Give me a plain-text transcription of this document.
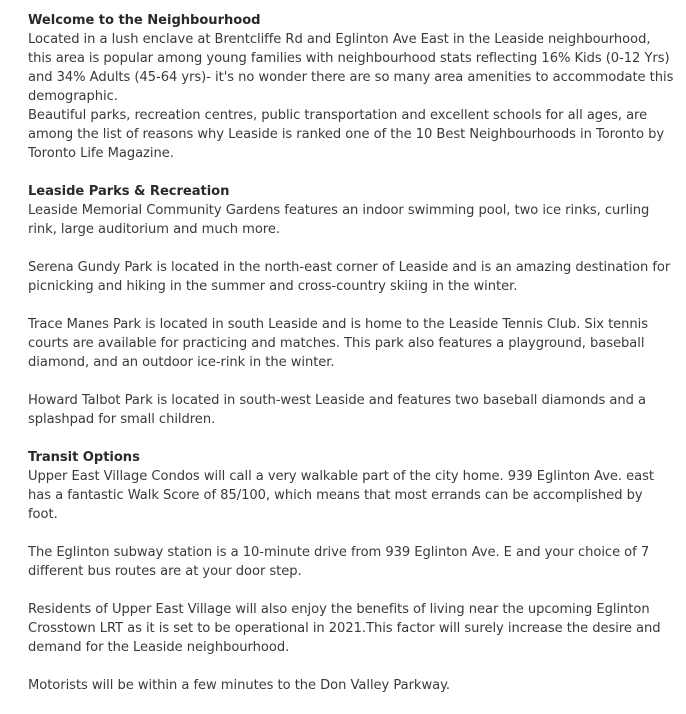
Welcome to the Neighbourhood
Located in a lush enclave at Brentcliffe Rd and Eglinton Ave East in the Leaside neighbourhood, this area is popular among young families with neighbourhood stats reflecting 16% Kids (0-12 Yrs) and 34% Adults (45-64 yrs)- it's no wonder there are so many area amenities to accommodate this demographic.
Beautiful parks, recreation centres, public transportation and excellent schools for all ages, are among the list of reasons why Leaside is ranked one of the 10 Best Neighbourhoods in Toronto by Toronto Life Magazine.

Leaside Parks & Recreation
Leaside Memorial Community Gardens features an indoor swimming pool, two ice rinks, curling rink, large auditorium and much more.

Serena Gundy Park is located in the north-east corner of Leaside and is an amazing destination for picnicking and hiking in the summer and cross-country skiing in the winter.

Trace Manes Park is located in south Leaside and is home to the Leaside Tennis Club. Six tennis courts are available for practicing and matches. This park also features a playground, baseball diamond, and an outdoor ice-rink in the winter.

Howard Talbot Park is located in south-west Leaside and features two baseball diamonds and a splashpad for small children.

Transit Options
Upper East Village Condos will call a very walkable part of the city home. 939 Eglinton Ave. east has a fantastic Walk Score of 85/100, which means that most errands can be accomplished by foot.

The Eglinton subway station is a 10-minute drive from 939 Eglinton Ave. E and your choice of 7 different bus routes are at your door step.

Residents of Upper East Village will also enjoy the benefits of living near the upcoming Eglinton Crosstown LRT as it is set to be operational in 2021.This factor will surely increase the desire and demand for the Leaside neighbourhood.

Motorists will be within a few minutes to the Don Valley Parkway.
